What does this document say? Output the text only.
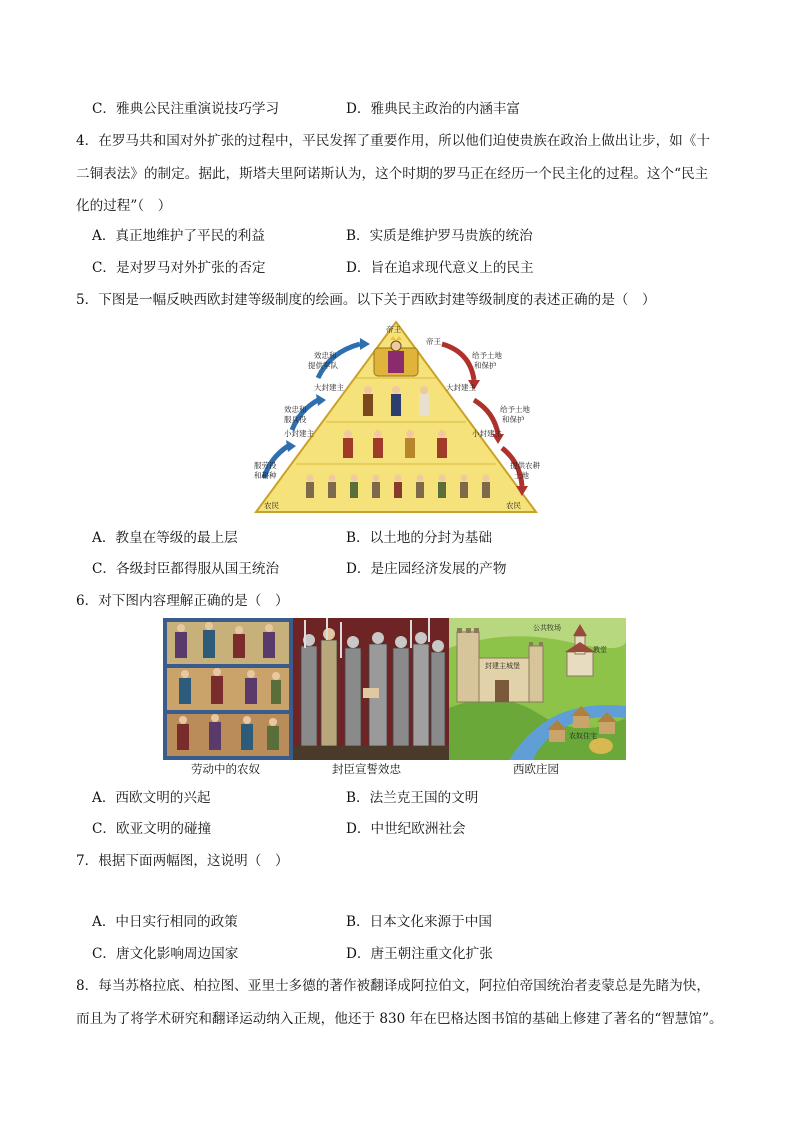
C．雅典公民注重演说技巧学习	D．雅典民主政治的内涵丰富
4．在罗马共和国对外扩张的过程中，平民发挥了重要作用，所以他们迫使贵族在政治上做出让步，如《十
二铜表法》的制定。据此，斯塔夫里阿诺斯认为，这个时期的罗马正在经历一个民主化的过程。这个“民主
化的过程”（　）
A．真正地维护了平民的利益	B．实质是维护罗马贵族的统治
C．是对罗马对外扩张的否定	D．旨在追求现代意义上的民主
5．下图是一幅反映西欧封建等级制度的绘画。以下关于西欧封建等级制度的表述正确的是（　）
帝王
帝王
大封建主	大封建主
小封建主	小封建主
农民	农民
效忠和
提供军队
效忠和
服兵役
服劳役
和耕种
给予土地
和保护
给予土地
和保护
提供农耕
土地
A．教皇在等级的最上层	B．以土地的分封为基础
C．各级封臣都得服从国王统治	D．是庄园经济发展的产物
6．对下图内容理解正确的是（　）
劳动中的农奴	封臣宣誓效忠
公共牧场
封建主城堡
教堂
农奴住宅
西欧庄园
A．西欧文明的兴起	B．法兰克王国的文明
C．欧亚文明的碰撞	D．中世纪欧洲社会
7．根据下面两幅图，这说明（　）
A．中日实行相同的政策	B．日本文化来源于中国
C．唐文化影响周边国家	D．唐王朝注重文化扩张
8．每当苏格拉底、柏拉图、亚里士多德的著作被翻译成阿拉伯文，阿拉伯帝国统治者麦蒙总是先睹为快，
而且为了将学术研究和翻译运动纳入正规，他还于 830 年在巴格达图书馆的基础上修建了著名的“智慧馆”。
